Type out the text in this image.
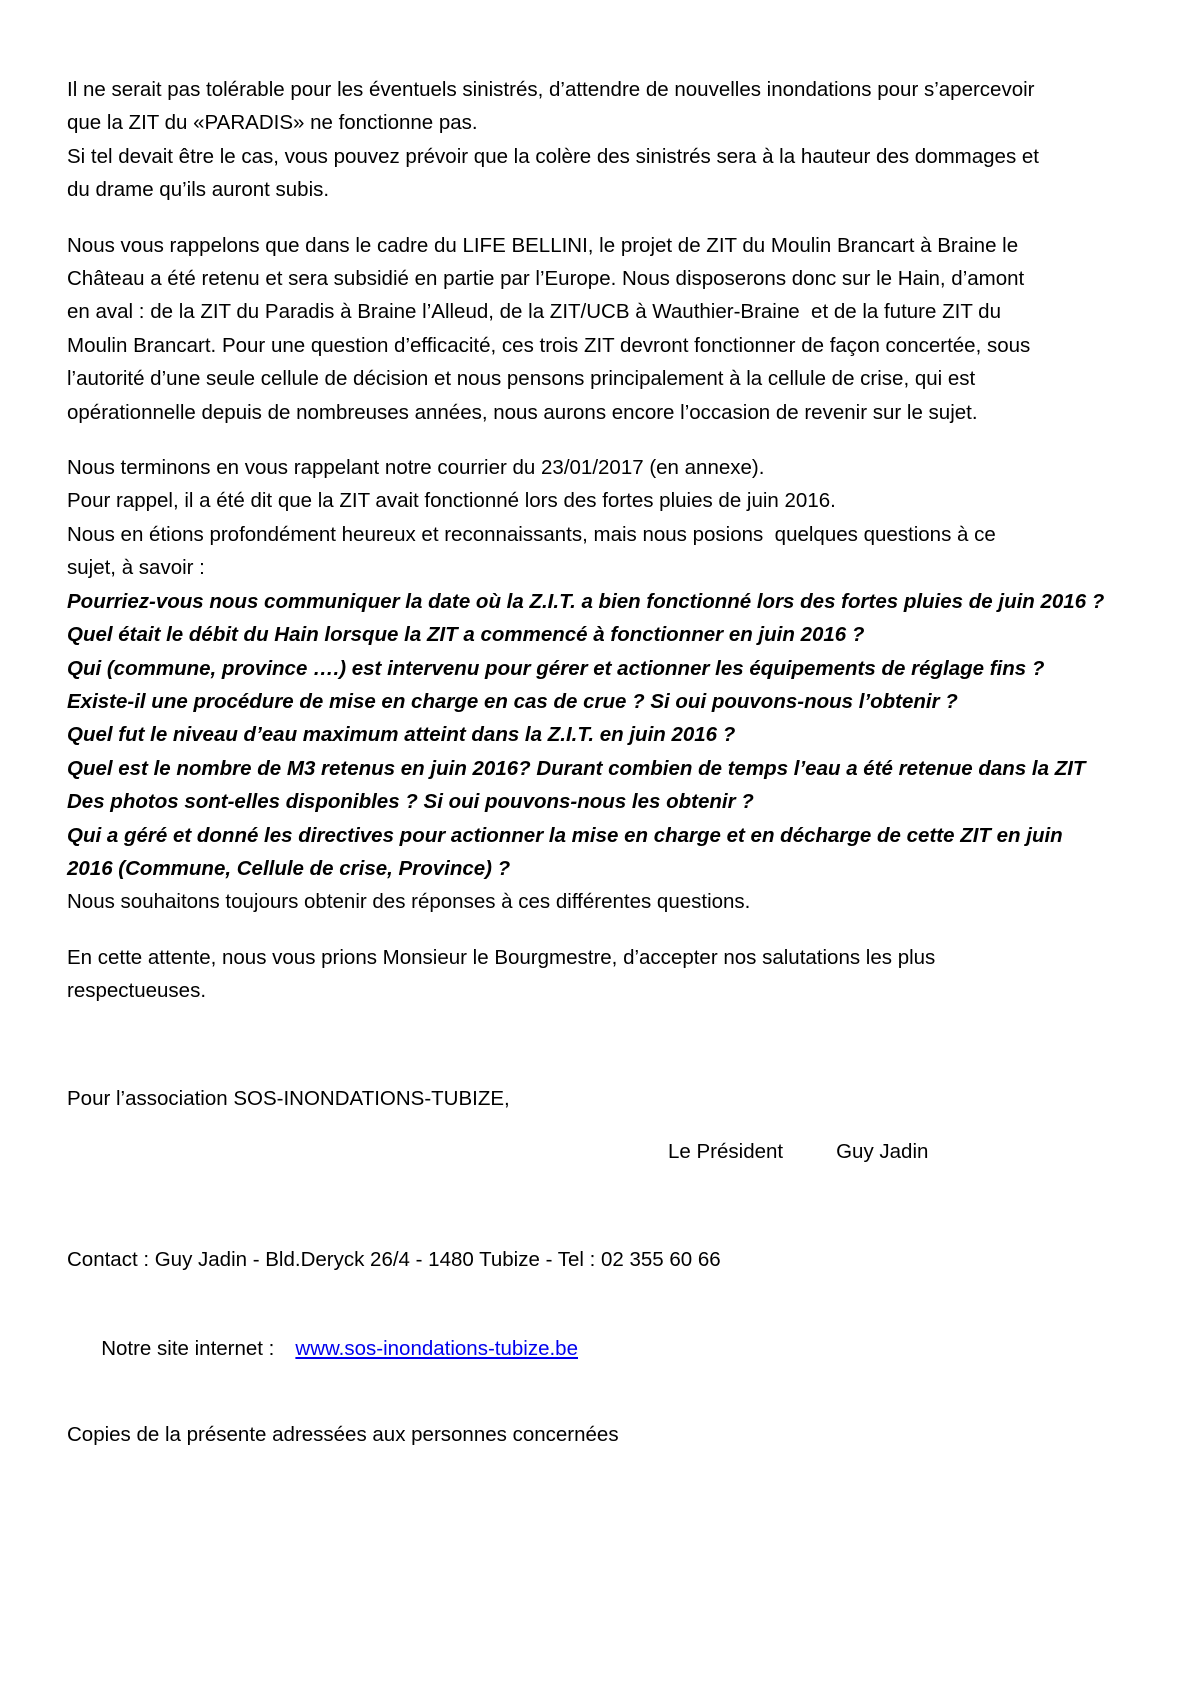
Il ne serait pas tolérable pour les éventuels sinistrés, d’attendre de nouvelles inondations pour s’apercevoir
que la ZIT du «PARADIS» ne fonctionne pas.
Si tel devait être le cas, vous pouvez prévoir que la colère des sinistrés sera à la hauteur des dommages et
du drame qu’ils auront subis.
Nous vous rappelons que dans le cadre du LIFE BELLINI, le projet de ZIT du Moulin Brancart à Braine le
Château a été retenu et sera subsidié en partie par l’Europe. Nous disposerons donc sur le Hain, d’amont
en aval : de la ZIT du Paradis à Braine l’Alleud, de la ZIT/UCB à Wauthier-Braine  et de la future ZIT du
Moulin Brancart. Pour une question d’efficacité, ces trois ZIT devront fonctionner de façon concertée, sous
l’autorité d’une seule cellule de décision et nous pensons principalement à la cellule de crise, qui est
opérationnelle depuis de nombreuses années, nous aurons encore l’occasion de revenir sur le sujet.
Nous terminons en vous rappelant notre courrier du 23/01/2017 (en annexe).
Pour rappel, il a été dit que la ZIT avait fonctionné lors des fortes pluies de juin 2016.
Nous en étions profondément heureux et reconnaissants, mais nous posions  quelques questions à ce
sujet, à savoir :
Pourriez-vous nous communiquer la date où la Z.I.T. a bien fonctionné lors des fortes pluies de juin 2016 ?
Quel était le débit du Hain lorsque la ZIT a commencé à fonctionner en juin 2016 ?
Qui (commune, province ….) est intervenu pour gérer et actionner les équipements de réglage fins ?
Existe-il une procédure de mise en charge en cas de crue ? Si oui pouvons-nous l’obtenir ?
Quel fut le niveau d’eau maximum atteint dans la Z.I.T. en juin 2016 ?
Quel est le nombre de M3 retenus en juin 2016? Durant combien de temps l’eau a été retenue dans la ZIT
Des photos sont-elles disponibles ? Si oui pouvons-nous les obtenir ?
Qui a géré et donné les directives pour actionner la mise en charge et en décharge de cette ZIT en juin
2016 (Commune, Cellule de crise, Province) ?
Nous souhaitons toujours obtenir des réponses à ces différentes questions.
En cette attente, nous vous prions Monsieur le Bourgmestre, d’accepter nos salutations les plus
respectueuses.
Pour l’association SOS-INONDATIONS-TUBIZE,
Le Président	Guy Jadin
Contact : Guy Jadin - Bld.Deryck 26/4 - 1480 Tubize - Tel : 02 355 60 66

Notre site internet : www.sos-inondations-tubize.be

Copies de la présente adressées aux personnes concernées
